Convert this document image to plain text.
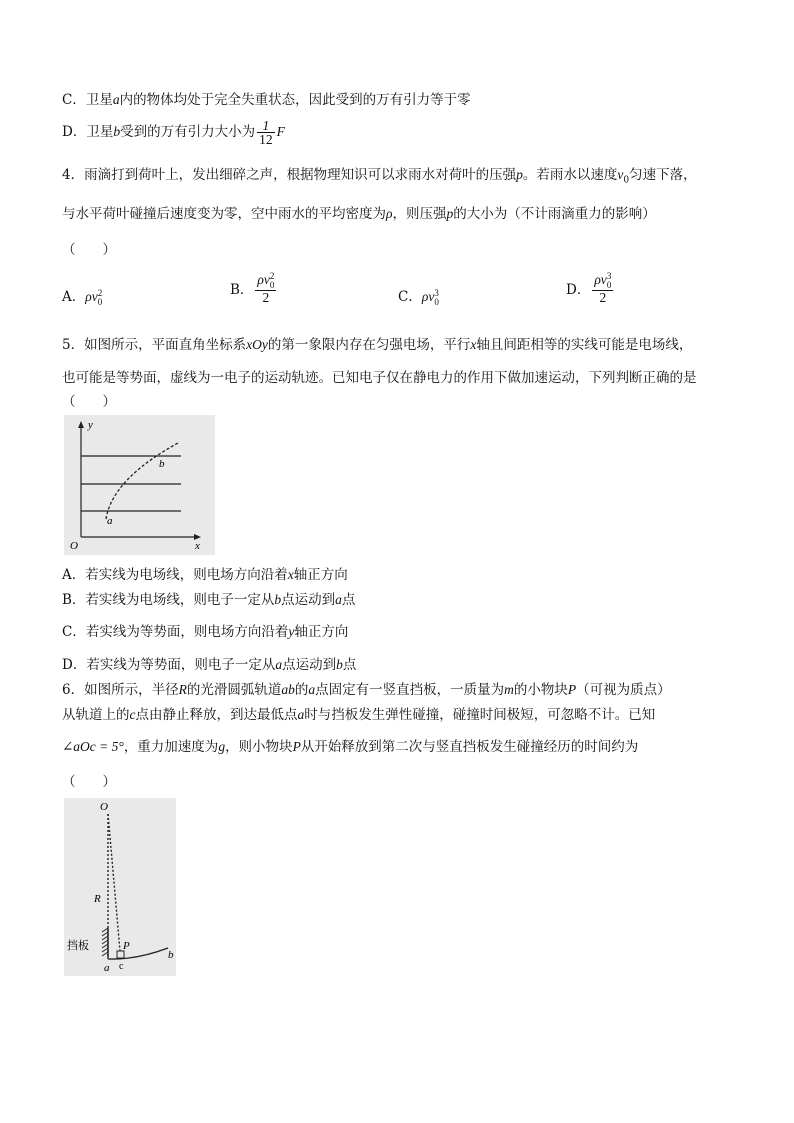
C．卫星a内的物体均处于完全失重状态，因此受到的万有引力等于零
D．卫星b受到的万有引力大小为 $\frac{1}{12}$ F
4．雨滴打到荷叶上，发出细碎之声，根据物理知识可以求雨水对荷叶的压强p。若雨水以速度$v_0$匀速下落，
与水平荷叶碰撞后速度变为零，空中雨水的平均密度为ρ，则压强p的大小为（不计雨滴重力的影响）
（　　）
A．ρv 2
0
B． ρv 2
0
2	C．ρv 3
0
D． ρv 3
0
2
5．如图所示，平面直角坐标系xOy的第一象限内存在匀强电场，平行x轴且间距相等的实线可能是电场线，
也可能是等势面，虚线为一电子的运动轨迹。已知电子仅在静电力的作用下做加速运动，下列判断正确的是
（　　）
y
x
O
a
b
A．若实线为电场线，则电场方向沿着x轴正方向
B．若实线为电场线，则电子一定从b点运动到a点
C．若实线为等势面，则电场方向沿着y轴正方向
D．若实线为等势面，则电子一定从a点运动到b点
6．如图所示，半径R的光滑圆弧轨道ab的a点固定有一竖直挡板，一质量为m的小物块P（可视为质点）
从轨道上的c点由静止释放，到达最低点a时与挡板发生弹性碰撞，碰撞时间极短，可忽略不计。已知
∠aOc = 5°，重力加速度为g，则小物块P从开始释放到第二次与竖直挡板发生碰撞经历的时间约为
（　　）
O
R
P
挡板
a c
b
